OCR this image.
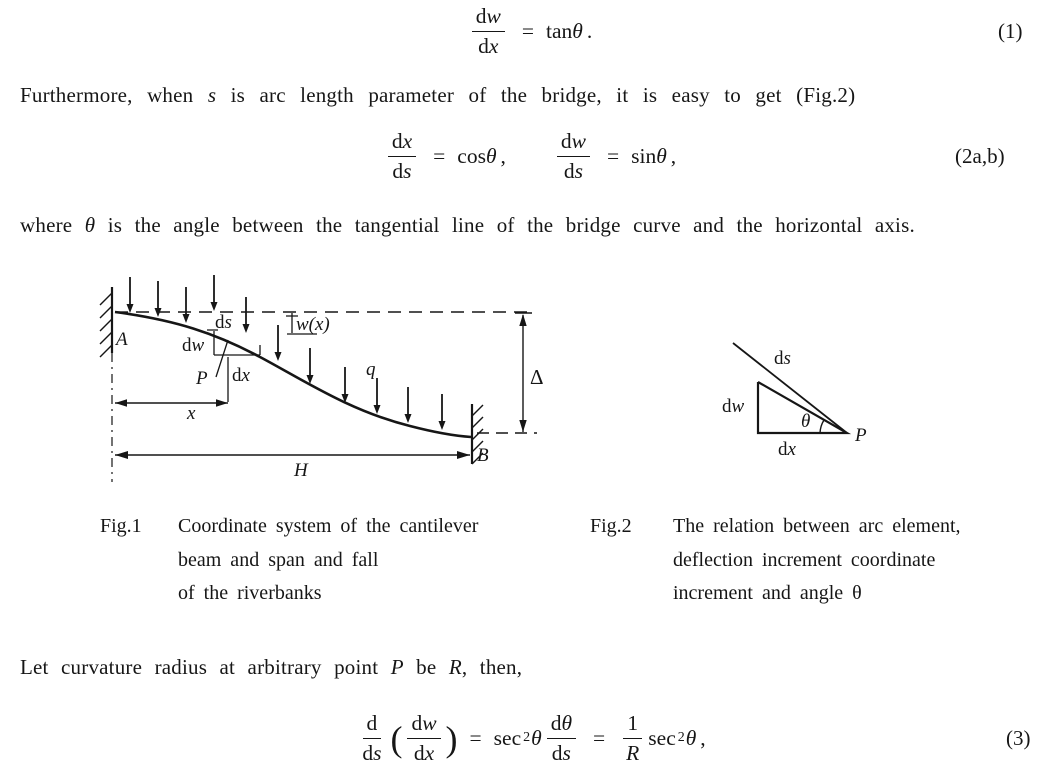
$\frac{dw}{dx} = \tan \theta$ .	(1)
Furthermore, when s is arc length parameter of the bridge, it is easy to get (Fig.2)
$\frac{dx}{ds} = \cos \theta$ , $\frac{dw}{ds} = \sin \theta$ ,	(2a,b)
where θ is the angle between the tangential line of the bridge curve and the horizontal axis.
A
ds
dw
P dx
x
w(x)
q	Δ
H
B
ds
dw
θ
dx
P
Fig.1	Coordinate system of the cantilever
beam and span and fall
of the riverbanks
Fig.2	The relation between arc element,
deflection increment coordinate
increment and angle θ
Let curvature radius at arbitrary point P be R, then,
$\frac{d}{ds}$ ( $\frac{dw}{dx}$ ) = sec 2 θ $\frac{d\theta}{ds} = \frac{1}{R}$ sec 2 θ ,	(3)
